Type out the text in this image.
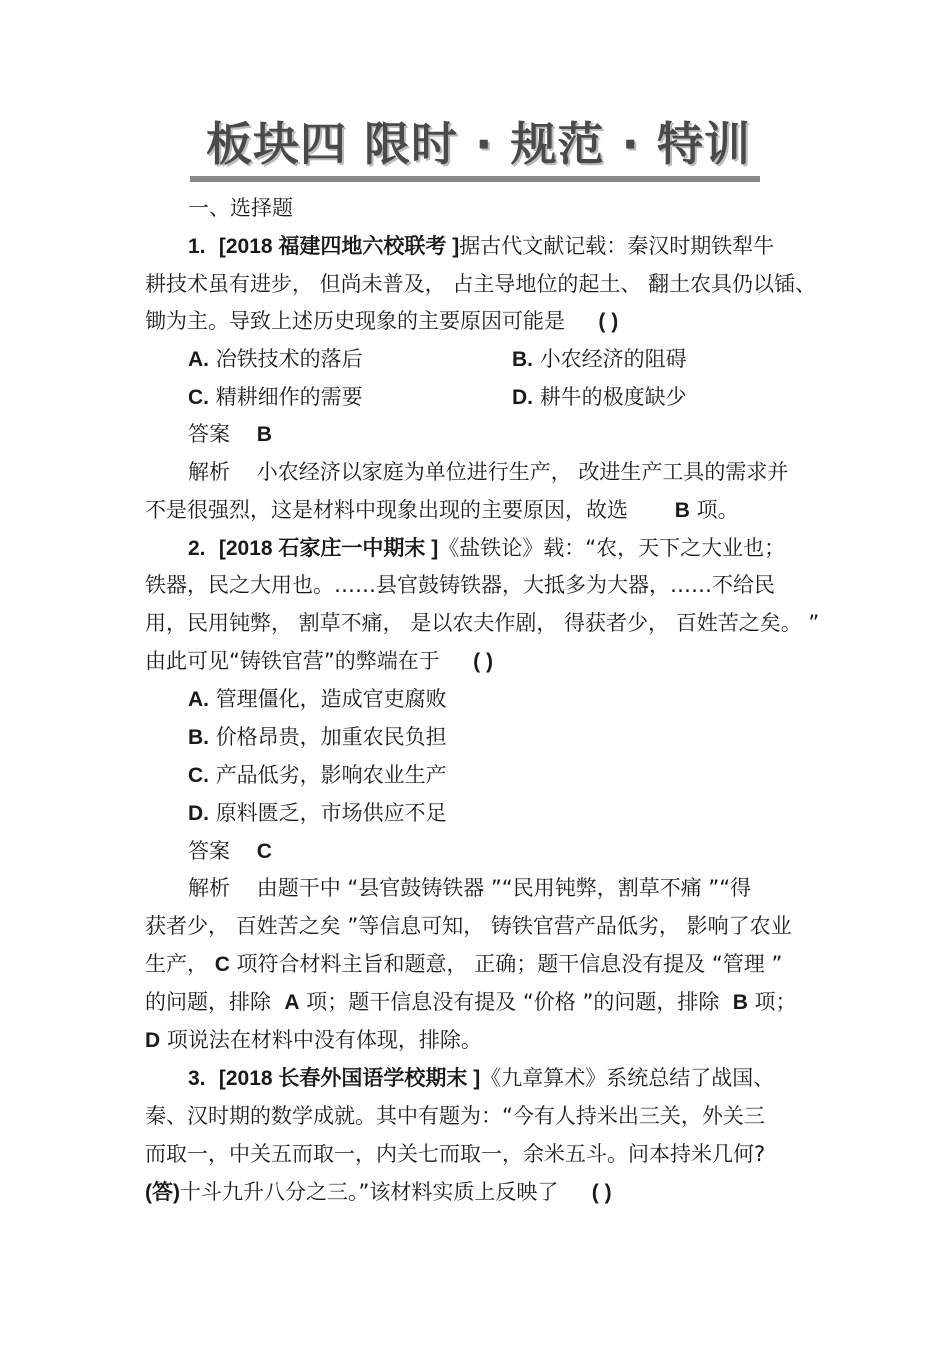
板块四 限时 · 规范 · 特训
一、选择题
1. [2018 福建四地六校联考 ]据古代文献记载：秦汉时期铁犁牛
耕技术虽有进步， 但尚未普及， 占主导地位的起土、 翻土农具仍以锸、
锄为主。导致上述历史现象的主要原因可能是 ( )
A. 冶铁技术的落后	B. 小农经济的阻碍
C. 精耕细作的需要	D. 耕牛的极度缺少
答案 B
解析 小农经济以家庭为单位进行生产， 改进生产工具的需求并
不是很强烈，这是材料中现象出现的主要原因，故选 B 项。
2. [2018 石家庄一中期末 ]《盐铁论》载：“农，天下之大业也；
铁器，民之大用也。……县官鼓铸铁器，大抵多为大器，……不给民
用，民用钝弊， 割草不痛， 是以农夫作剧， 得获者少， 百姓苦之矣。 ”
由此可见“铸铁官营”的弊端在于 ( )
A. 管理僵化，造成官吏腐败
B. 价格昂贵，加重农民负担
C. 产品低劣，影响农业生产
D. 原料匮乏，市场供应不足
答案 C
解析 由题干中 “县官鼓铸铁器 ”“民用钝弊，割草不痛 ”“得
获者少， 百姓苦之矣 ”等信息可知， 铸铁官营产品低劣， 影响了农业
生产， C 项符合材料主旨和题意， 正确；题干信息没有提及 “管理 ”
的问题，排除 A 项；题干信息没有提及 “价格 ”的问题，排除 B 项；
D 项说法在材料中没有体现，排除。
3. [2018 长春外国语学校期末 ]《九章算术》系统总结了战国、
秦、汉时期的数学成就。其中有题为：“今有人持米出三关，外关三
而取一，中关五而取一，内关七而取一，余米五斗。问本持米几何?
(答)十斗九升八分之三。”该材料实质上反映了 ( )
